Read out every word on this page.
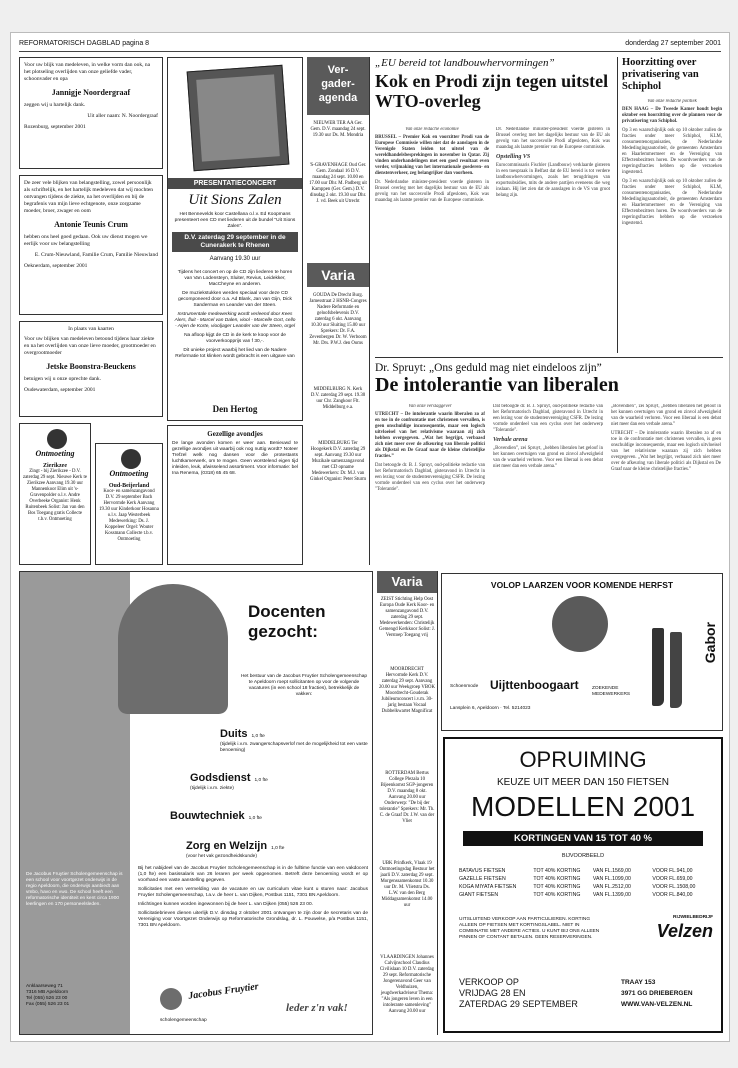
REFORMATORISCH DAGBLAD pagina 8	donderdag 27 september 2001
Voor uw blijk van medeleven, in welke vorm dan ook, na het plotseling overlijden van onze geliefde vader, schoonvader en opa
Jannigje Noordergraaf
zeggen wij u hartelijk dank.
Uit aller naam: N. Noordergraaf
Rozenburg, september 2001
De zeer vele blijken van belangstelling, zowel persoonlijk als schriftelijk, en het hartelijk medeleven dat wij mochten ontvangen tijdens de ziekte, na het overlijden en bij de begrafenis van mijn lieve echtgenote, onze zorgzame moeder, broer, zwager en oom
Antonie Teunis Crum
hebben ons heel goed gedaan. Ook uw dienst mogen we eerlijk voor uw belangstelling
E. Crum-Nieuwland, Familie Crum, Familie Nieuwland
Oeknerdam, september 2001
In plaats van kaarten
Voor uw blijken van medeleven betoond tijdens haar ziekte en na het overlijden van onze lieve moeder, grootmoeder en overgrootmoeder
Jetske Boonstra-Beuckens
betuigen wij u onze oprechte dank.
Oudewaterdam, september 2001
Ontmoeting
Zierikzee
Zingt - bij Zierikzee - D.V. zaterdag 29 sept. Nieuwe Kerk te Zierikzee Aanvang 19.30 uur Mannenkoor Elim uit 's-Gravenpolder o.l.v. Andre Overbeeke Organist: Henk Ruitenbeek Solist: Jan van den Bos Toegang gratis Collecte t.b.v. Ontmoeting
Ontmoeting
Oud-Beijerland
Koor- en samenzangavond D.V. 29 september Bach Hervormde Kerk Aanvang 19.30 uur Kinderkoor Hosanna o.l.v. Jaap Westerbeek Medewerking: Ds. J. Koppeleer Orgel: Wouter Kossmann Collecte t.b.v. Ontmoeting
PRESENTATIECONCERT
Uit Sions Zalen
Het Bennevelds koor Castellana o.l.v. Ed Koopmans presenteert een CD met liederen uit de bundel "Uit Sions Zalen".
D.V. zaterdag 29 september in de Cunerakerk te Rhenen
Aanvang 19.30 uur
Tijdens het concert en op de CD zijn liederen te horen van Van Lodensteyn, Sluiter, Revius, Leidekker, MacCheyne en anderen.
De muziekstukken werden speciaal voor deze CD gecomponeerd door o.a. Ad Blank, Jan van Gijn, Dick Sanderman en Leander van der Steen.
Instrumentale medewerking wordt verleend door Kees Alers, fluit - Marcel van Dalen, viool - Marcelle Gort, cello - Arjen de Korte, viooljager Leander van der Steen, orgel
Na afloop kijgt de CD in de kerk te koop voor de voorverkoopprijs van f 30,-.
Dit unieke project waarbij het lied van de Nadere Reformatie tot klinken wordt gebracht is een uitgave van
Den Hertog
Gezellige avondjes
De lange avonden komen er weer aan. Benieuwd te gezellige avondjes uit waarbij ook nog nuttig wordt? Noteer Trefzel welk nog dansen voor die protestants luchtkamerwerk, om te mogen. Geen worstelend eigen tijd inleiden, leuk, afwisselend assortiment. Voor informatie: bel Ina Renema, (0318) 65 45 68.
Ver-
gader-
agenda
NIEUWER TER AA Ger. Gem. D.V. maandag 24 sept. 19.30 uur Ds. M. Mondria
'S-GRAVENHAGE Oud Ger. Gem. Zondaal 16 D.V. maandag 24 sept. 10.00 en 17.00 uur Dhr. M. Padberg uit Kamppen (Ger. Gem.) D.V. dinsdag 2 okt. 19.30 uur Dhr. J. vd. Beek uit Utrecht
Varia
GOUDA De Drecht Burg. Jamesstraat 2 HSNB-Congres Nadere Reformatie en geloofsbelevenis D.V. zaterdag 6 okt. Aanvang 10.30 uur Sluiting 15.00 uur Sprekers: Dr. F.A. Zevenbergen Dr. W. Verboom Mr. Drs. P.W.J. den Ooms
MIDDELBURG N. Kerk D.V. zaterdag 29 sept. 19.30 uur Chr. Zangkoor Flt. Middelburg e.a.
MIDDELBURG Ter Hoogekerk D.V. zaterdag 29 sept. Aanvang 19.30 uur Muzikale samenzangavond met CD opname Medewerkers: Dr. M.J. van Ginkel Organist: Peter Sturm
„EU bereid tot landbouwhervormingen”
Kok en Prodi zijn tegen uitstel WTO-overleg
Van onze redactie economie
BRUSSEL – Premier Kok en voorzitter Prodi van de Europese Commissie willen niet dat de aanslagen in de Verenigde Staten leiden tot uitstel van de wereldhandelsbesprekingen in november in Qatar. Zij vinden onderhandelingen met een goed resultaat even verder, vrijmaking van het internationale goederen- en dienstenverkeer, zeg belangrijker dan voorheen.
Dr. Nederlandse minister-president voerde gisteren in Brussel overleg met het dagelijks bestuur van de EU als gevolg van het succesvolle Prodi afgesloten, Kok was maandag als laatste premier van de Europese commissie.
Dr. Nederlandse minister-president voerde gisteren in Brussel overleg met het dagelijks bestuur van de EU als gevolg van het succesvolle Prodi afgesloten, Kok was maandag als laatste premier van de Europese commissie.
Opstelling VS
Eurocommissaris Fischler (Landbouw) verklaarde gisteren in een toespraak in Belfast dat de EU bereid is tot verdere landbouwhervormingen, zoals het terugdringen van exportsubsidies, mits de andere partijen eveneens die weg inslaan. Hij liet zien dat de aanslagen in de VS van groot belang zijn.
Hoorzitting over privatisering van Schiphol
Van onze redactie politiek
DEN HAAG – De Tweede Kamer houdt begin oktober een hoorzitting over de plannen voor de privatisering van Schiphol.
Op 3 en waarschijnlijk ook op 10 oktober zullen de fracties onder meer Schiphol, KLM, consumentenorganisaties, de Nederlandse Mededingingsautoriteit, de gemeenten Amsterdam en Haarlemmermeer en de Vereniging van Effectenbezitters horen. De woordvoerders van de regeringsfracties hebben op die verzoeken ingestemd.
Op 3 en waarschijnlijk ook op 10 oktober zullen de fracties onder meer Schiphol, KLM, consumentenorganisaties, de Nederlandse Mededingingsautoriteit, de gemeenten Amsterdam en Haarlemmermeer en de Vereniging van Effectenbezitters horen. De woordvoerders van de regeringsfracties hebben op die verzoeken ingestemd.
Dr. Spruyt: „Ons geduld mag niet eindeloos zijn”
De intolerantie van liberalen
Van onze verslaggever
UTRECHT – De intolerantie waarin liberalen zo af en toe in de confrontatie met christenen vervallen, is geen onschuldige inconsequentie, maar een logisch uitvloeisel van het relativisme waaraan zij zich hebben overgegeven. „Wat het begrijpt, verbaasd zich niet meer over de afkeuring van liberale politici als Dijkstal en De Graaf naar de kleine christelijke fracties.”
Dat betoogde dr. B. J. Spruyt, oud-politieke redactie van het Reformatorisch Dagblad, gisteravond in Utrecht in een lezing voor de studentenvereniging CSFR. De lezing vormde onderdeel van een cyclus over het onderwerp "Tolerantie".
Dat betoogde dr. B. J. Spruyt, oud-politieke redactie van het Reformatorisch Dagblad, gisteravond in Utrecht in een lezing voor de studentenvereniging CSFR. De lezing vormde onderdeel van een cyclus over het onderwerp "Tolerantie".
Verbale arena
„Bovendien”, zei Spruyt, „hebben liberalen het geloof in het kunnen overtuigen van grond en zinvol afwezigheid van de waarheid verloren. Voor een liberaal is een debat niet meer dan een verbale arena.”
„Bovendien”, zei Spruyt, „hebben liberalen het geloof in het kunnen overtuigen van grond en zinvol afwezigheid van de waarheid verloren. Voor een liberaal is een debat niet meer dan een verbale arena.”
UTRECHT – De intolerantie waarin liberalen zo af en toe in de confrontatie met christenen vervallen, is geen onschuldige inconsequentie, maar een logisch uitvloeisel van het relativisme waaraan zij zich hebben overgegeven. „Wat het begrijpt, verbaasd zich niet meer over de afkeuring van liberale politici als Dijkstal en De Graaf naar de kleine christelijke fracties.”
Docenten
gezocht:
Het bestuur van de Jacobus Fruytier Scholengemeenschap te Apeldoorn roept sollicitanten op voor de volgende vacatures (in een school 18 fracties), betrekkelijk de vakken:
Duits 1,0 fte
(tijdelijk i.v.m. zwangerschapsverlof met de mogelijkheid tot een vaste benoeming)
Godsdienst 1,0 fte
(tijdelijk i.v.m. ziekte)
Bouwtechniek 1,0 fte
Zorg en Welzijn 1,0 fte
(voor het vak gezondheidskunde)
De Jacobus Fruytier Scholengemeenschap is een school voor voortgezet onderwijs in de regio Apeldoorn, die onderwijs aanbiedt aan vmbo, havo en vwo. De school heeft een reformatorische identiteit en kent circa 1900 leerlingen en 170 personeelsleden.
Anklaarseweg 71
7316 MB Apeldoorn
Tel (055) 526 23 00
Fax (055) 526 23 01
Bij het nabijdeel van de Jacobus Fruytier Scholengemeenschap is in de fulltime functie van een vakdocent (1,0 fte) een basissalaris van 26 leraren per week opgenomen. Betreft deze benoeming wordt er op voorhand een vaste aanstelling gegeven.
Sollicitaties met een vermelding van de vacature en uw curriculum vitae kunt u sturen naar: Jacobus Fruytier Scholengemeenschap, t.a.v. de heer L. van Dijken, Postbus 1151, 7301 BN Apeldoorn.
Inlichtingen kunnen worden ingewonnen bij de heer L. van Dijken (055) 526 23 00.
Sollicitatiebrieven dienen uiterlijk D.V. dinsdag 2 oktober 2001 ontvangen te zijn door de secretaris van de Vereniging voor Voortgezet Onderwijs op Reformatorische Grondslag, dr. L. Pouwelse, p/a Postbus 1151, 7301 BN Apeldoorn.
Jacobus Fruytier
scholengemeenschap
leder z'n vak!
Varia
ZEIST Stichting Help Oost Europa Oude Kerk Koor- en samenzangavond D.V. zaterdag 29 sept. Medewerkenden: Christelijk Gemengd Kerkkoor Solist: J. Verstoep Toegang vrij
MOORDRECHT Hervormde Kerk D.V. zaterdag 29 sept. Aanvang 20.00 uur Weekgroep VBOK Moordrecht-Gouderak Jubileumconcert i.v.m. 30-jarig bestaan Vocaal Dubbelkwartet Magnificat
ROTTERDAM Bertus College Plezala 10 Bijeenkomst SGP-jongeren D.V. maandag 8 okt. Aanvang 20.00 uur Onderwerp: "De bij der tolerantie" Sprekers: Mr. Th. C. de Graaf Dr. J.W. van der Vliet
UBK Prinfkerk, Vlaak 19 Ontmoetingsdag Bestuur het jaarli D.V. zaterdag 29 sept. Morgenssamenkomst 10.30 uur Dr. M. Vlietstra Ds. L.W. van den Berg Middagsamenkomst 14.00 uur
VLAARDINGEN Johannes Calvijnschool Claudius Civilislaan 10 D.V. zaterdag 29 sept. Reformatorische Jongerenavond Geer van Veldhuizen, jeugdwerkadviseur Thema: "Als jongeren leven in een intolerante samenleving" Aanvang 20.00 uur
VOLOP LAARZEN VOOR KOMENDE HERFST
Gabor
ZOEKENDE MEDEWERKERS
Schoenmode Uijttenboogaart
Lansplein 6, Apeldoorn · Tel. 5214023
OPRUIMING
KEUZE UIT MEER DAN 150 FIETSEN
MODELLEN 2001
KORTINGEN VAN 15 TOT 40 %
BIJVOORBEELD
BATAVUS FIETSEN	TOT 40% KORTING	VAN FL.1569,00	VOOR FL.941,00
GAZELLE FIETSEN	TOT 40% KORTING	VAN FL.1099,00	VOOR FL.659,00
KOGA MIYATA FIETSEN	TOT 40% KORTING	VAN FL.2512,00	VOOR FL.1508,00
GIANT FIETSEN	TOT 40% KORTING	VAN FL.1399,00	VOOR FL.840,00
UITSLUITEND VERKOOP AAN PARTICULIEREN. KORTING ALLEEN OP FIETSEN MET KORTINGSLABEL. NIET IN COMBINATIE MET ANDERE ACTIES. U KUNT BIJ ONS ALLEEN PINNEN OF CONTANT BETALEN. GEEN RESERVERINGEN.
RIJWIELBEDRIJF
Velzen
VERKOOP OP
VRIJDAG 28 EN
ZATERDAG 29 SEPTEMBER
TRAAY 153
3971 GG DRIEBERGEN
WWW.VAN-VELZEN.NL
